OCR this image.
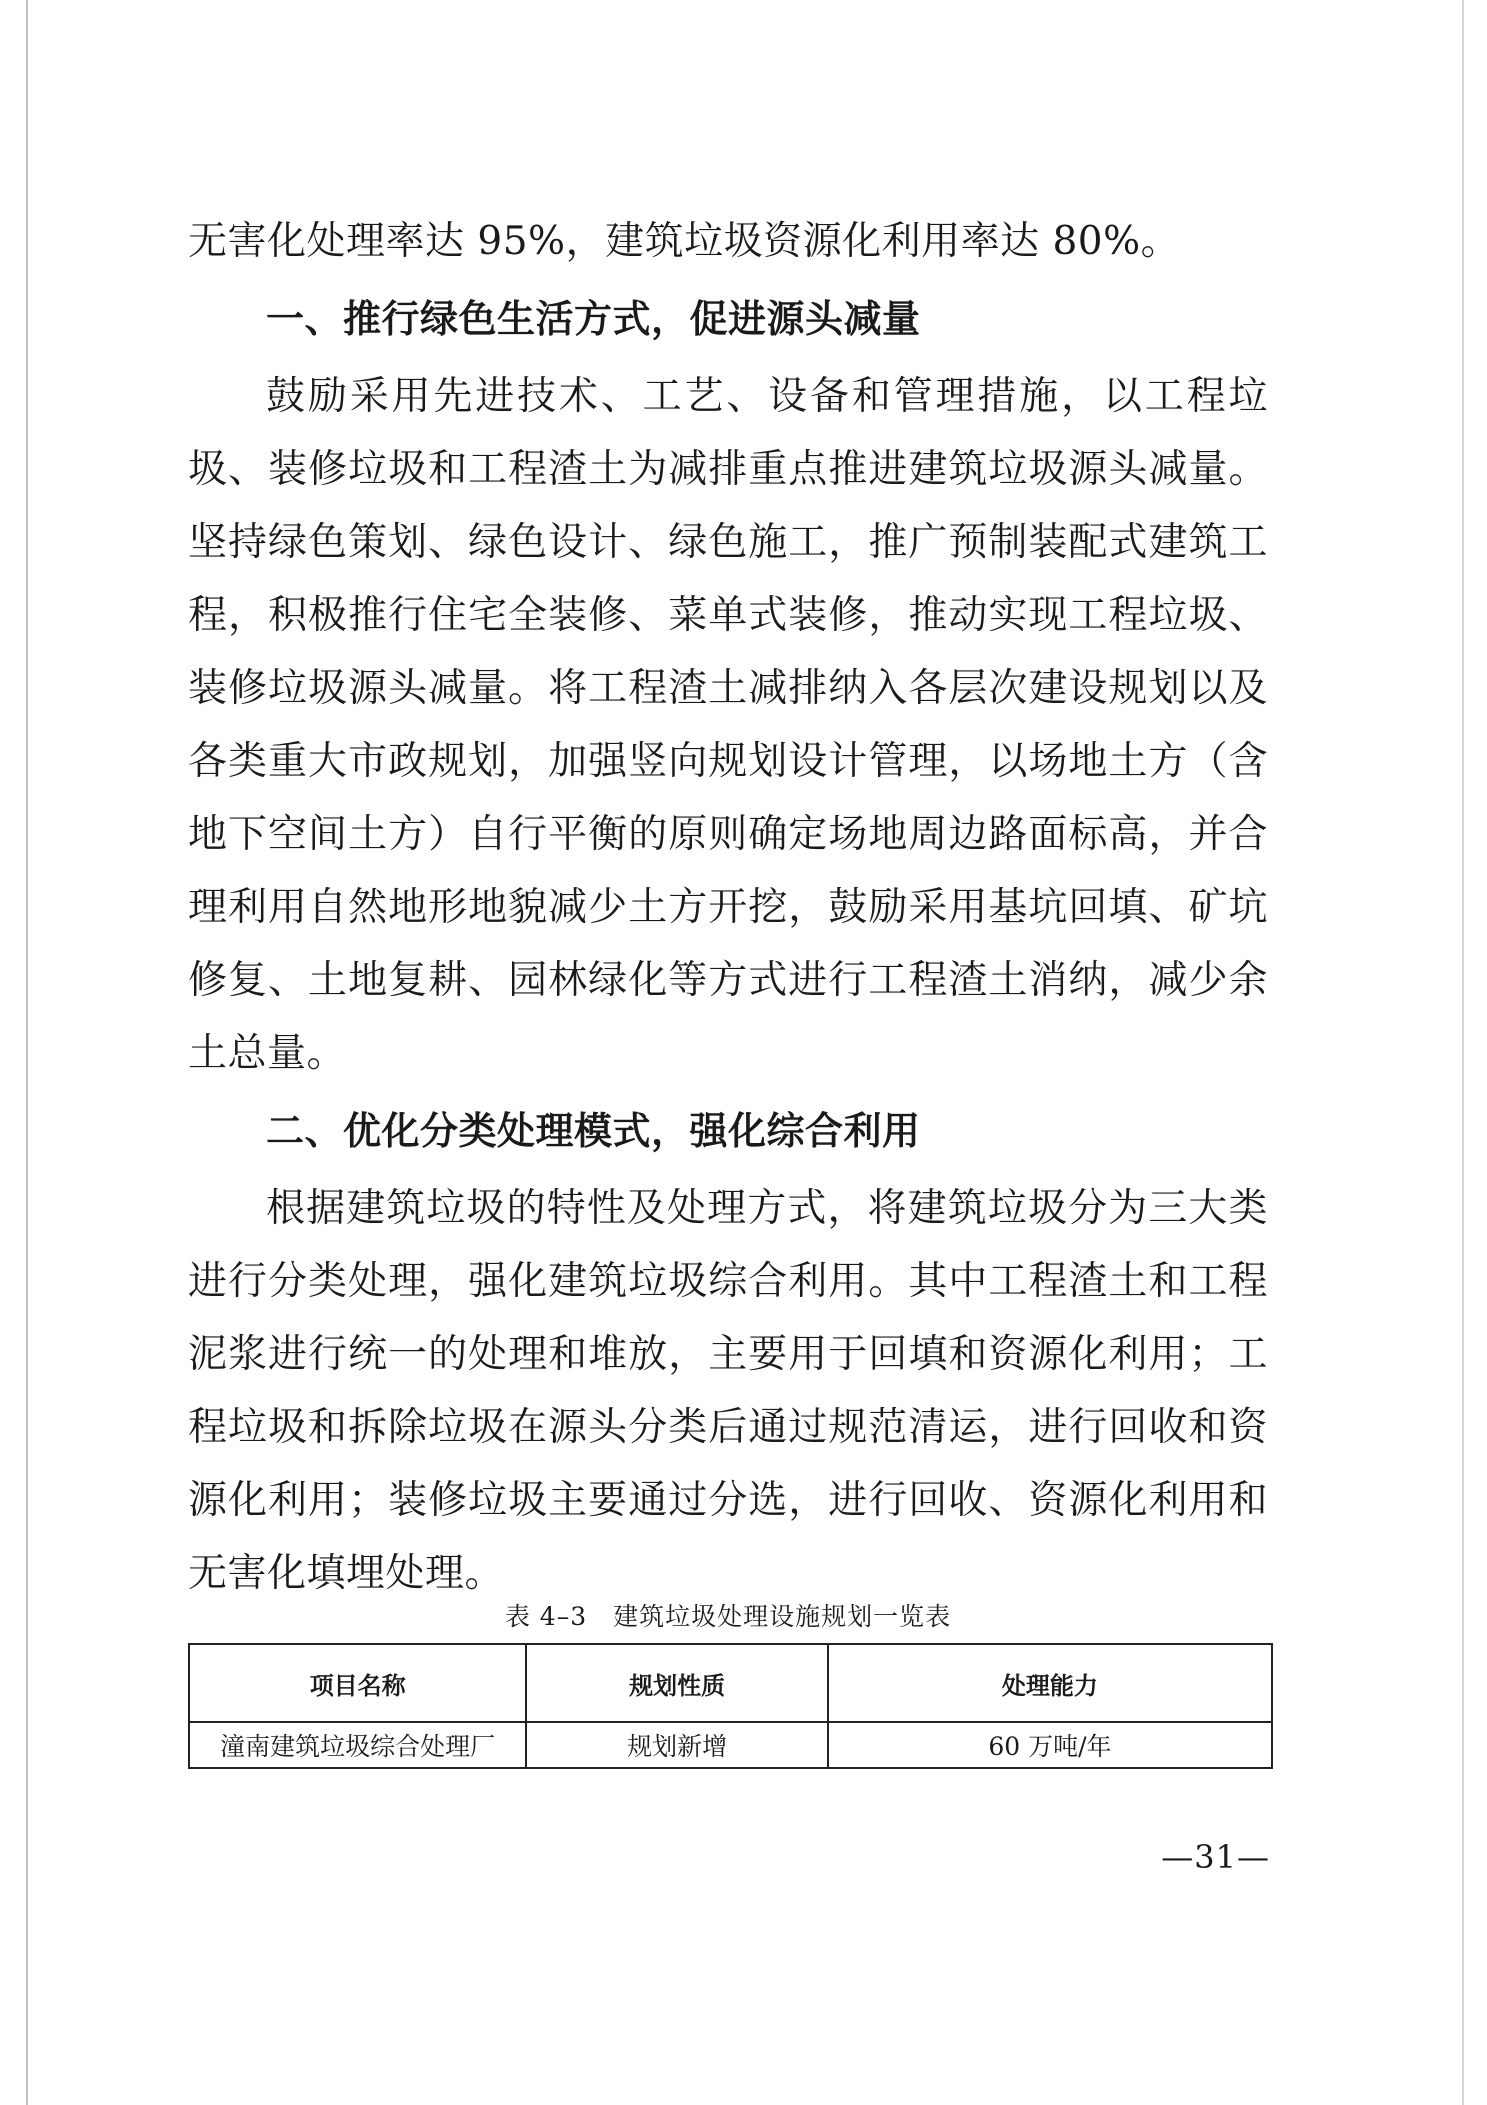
无害化处理率达 95%，建筑垃圾资源化利用率达 80%。

一、推行绿色生活方式，促进源头减量

鼓励采用先进技术、工艺、设备和管理措施，以工程垃圾、装修垃圾和工程渣土为减排重点推进建筑垃圾源头减量。坚持绿色策划、绿色设计、绿色施工，推广预制装配式建筑工程，积极推行住宅全装修、菜单式装修，推动实现工程垃圾、装修垃圾源头减量。将工程渣土减排纳入各层次建设规划以及各类重大市政规划，加强竖向规划设计管理，以场地土方（含地下空间土方）自行平衡的原则确定场地周边路面标高，并合理利用自然地形地貌减少土方开挖，鼓励采用基坑回填、矿坑修复、土地复耕、园林绿化等方式进行工程渣土消纳，减少余土总量。

二、优化分类处理模式，强化综合利用

根据建筑垃圾的特性及处理方式，将建筑垃圾分为三大类进行分类处理，强化建筑垃圾综合利用。其中工程渣土和工程泥浆进行统一的处理和堆放，主要用于回填和资源化利用；工程垃圾和拆除垃圾在源头分类后通过规范清运，进行回收和资源化利用；装修垃圾主要通过分选，进行回收、资源化利用和无害化填埋处理。

表 4–3　建筑垃圾处理设施规划一览表
项目名称	规划性质	处理能力
潼南建筑垃圾综合处理厂	规划新增	60 万吨/年
—31—
